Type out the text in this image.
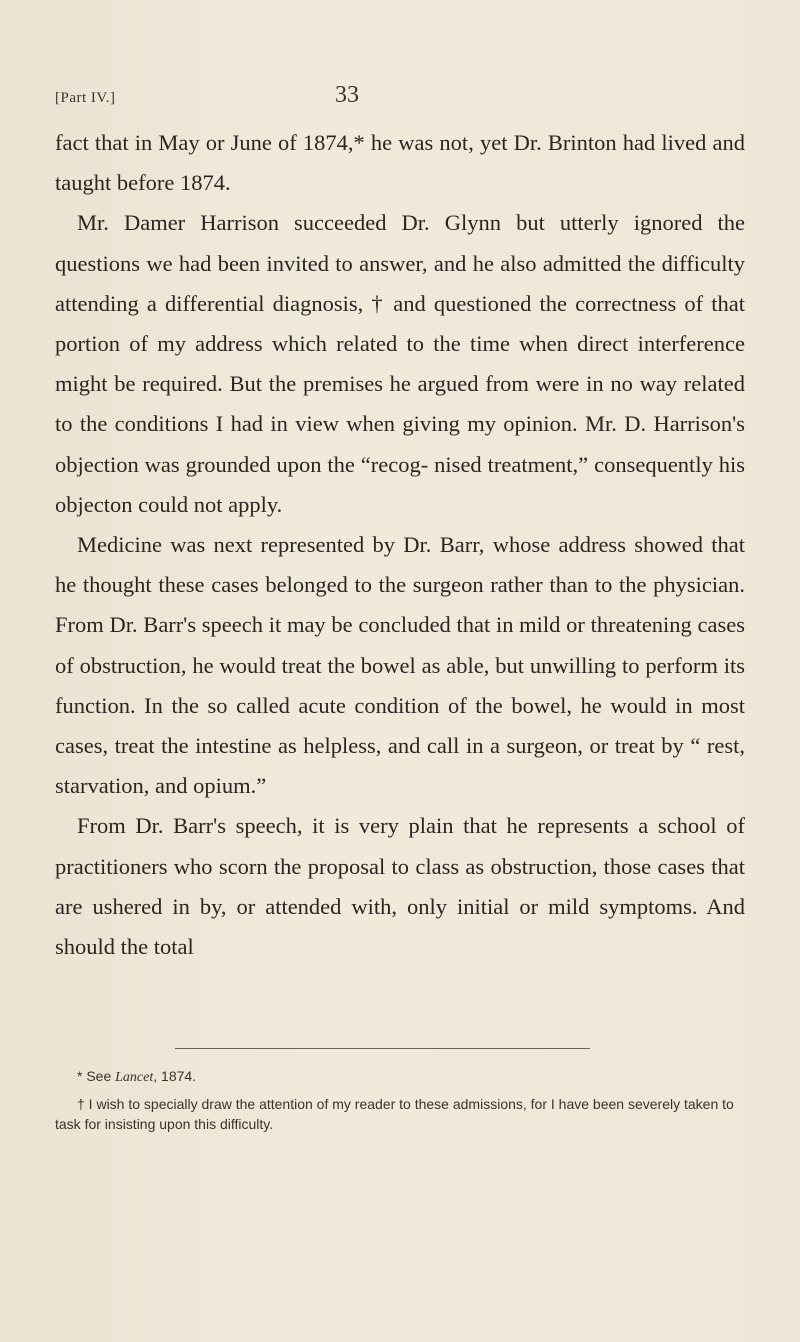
[Part IV.]	33

fact that in May or June of 1874,* he was not, yet Dr. Brinton had lived and taught before 1874.

Mr. Damer Harrison succeeded Dr. Glynn but utterly ignored the questions we had been invited to answer, and he also admitted the difficulty attending a differential diagnosis, † and questioned the correctness of that portion of my address which related to the time when direct interference might be required. But the premises he argued from were in no way related to the conditions I had in view when giving my opinion. Mr. D. Harrison's objection was grounded upon the “recog- nised treatment,” consequently his objecton could not apply.

Medicine was next represented by Dr. Barr, whose address showed that he thought these cases belonged to the surgeon rather than to the physician. From Dr. Barr's speech it may be concluded that in mild or threatening cases of obstruction, he would treat the bowel as able, but unwilling to perform its function. In the so called acute condition of the bowel, he would in most cases, treat the intestine as helpless, and call in a surgeon, or treat by “ rest, starvation, and opium.”

From Dr. Barr's speech, it is very plain that he represents a school of practitioners who scorn the proposal to class as obstruction, those cases that are ushered in by, or attended with, only initial or mild symptoms. And should the total

* See Lancet, 1874.

† I wish to specially draw the attention of my reader to these admissions, for I have been severely taken to task for insisting upon this difficulty.
